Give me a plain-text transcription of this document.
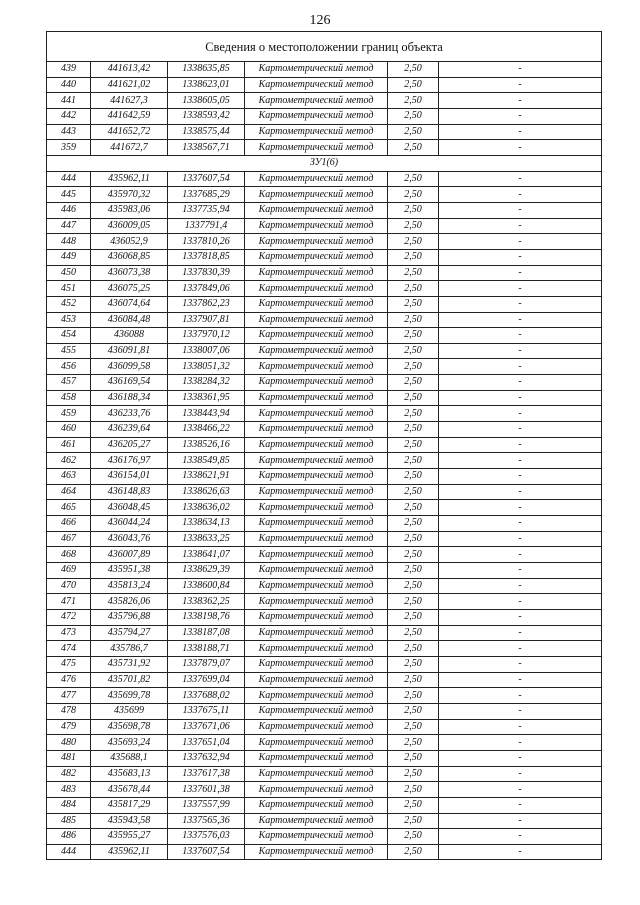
126
Сведения о местоположении границ объекта					
439	441613,42	1338635,85	Картометрический метод	2,50	-
440	441621,02	1338623,01	Картометрический метод	2,50	-
441	441627,3	1338605,05	Картометрический метод	2,50	-
442	441642,59	1338593,42	Картометрический метод	2,50	-
443	441652,72	1338575,44	Картометрический метод	2,50	-
359	441672,7	1338567,71	Картометрический метод	2,50	-
ЗУ1(6)					
444	435962,11	1337607,54	Картометрический метод	2,50	-
445	435970,32	1337685,29	Картометрический метод	2,50	-
446	435983,06	1337735,94	Картометрический метод	2,50	-
447	436009,05	1337791,4	Картометрический метод	2,50	-
448	436052,9	1337810,26	Картометрический метод	2,50	-
449	436068,85	1337818,85	Картометрический метод	2,50	-
450	436073,38	1337830,39	Картометрический метод	2,50	-
451	436075,25	1337849,06	Картометрический метод	2,50	-
452	436074,64	1337862,23	Картометрический метод	2,50	-
453	436084,48	1337907,81	Картометрический метод	2,50	-
454	436088	1337970,12	Картометрический метод	2,50	-
455	436091,81	1338007,06	Картометрический метод	2,50	-
456	436099,58	1338051,32	Картометрический метод	2,50	-
457	436169,54	1338284,32	Картометрический метод	2,50	-
458	436188,34	1338361,95	Картометрический метод	2,50	-
459	436233,76	1338443,94	Картометрический метод	2,50	-
460	436239,64	1338466,22	Картометрический метод	2,50	-
461	436205,27	1338526,16	Картометрический метод	2,50	-
462	436176,97	1338549,85	Картометрический метод	2,50	-
463	436154,01	1338621,91	Картометрический метод	2,50	-
464	436148,83	1338626,63	Картометрический метод	2,50	-
465	436048,45	1338636,02	Картометрический метод	2,50	-
466	436044,24	1338634,13	Картометрический метод	2,50	-
467	436043,76	1338633,25	Картометрический метод	2,50	-
468	436007,89	1338641,07	Картометрический метод	2,50	-
469	435951,38	1338629,39	Картометрический метод	2,50	-
470	435813,24	1338600,84	Картометрический метод	2,50	-
471	435826,06	1338362,25	Картометрический метод	2,50	-
472	435796,88	1338198,76	Картометрический метод	2,50	-
473	435794,27	1338187,08	Картометрический метод	2,50	-
474	435786,7	1338188,71	Картометрический метод	2,50	-
475	435731,92	1337879,07	Картометрический метод	2,50	-
476	435701,82	1337699,04	Картометрический метод	2,50	-
477	435699,78	1337688,02	Картометрический метод	2,50	-
478	435699	1337675,11	Картометрический метод	2,50	-
479	435698,78	1337671,06	Картометрический метод	2,50	-
480	435693,24	1337651,04	Картометрический метод	2,50	-
481	435688,1	1337632,94	Картометрический метод	2,50	-
482	435683,13	1337617,38	Картометрический метод	2,50	-
483	435678,44	1337601,38	Картометрический метод	2,50	-
484	435817,29	1337557,99	Картометрический метод	2,50	-
485	435943,58	1337565,36	Картометрический метод	2,50	-
486	435955,27	1337576,03	Картометрический метод	2,50	-
444	435962,11	1337607,54	Картометрический метод	2,50	-
